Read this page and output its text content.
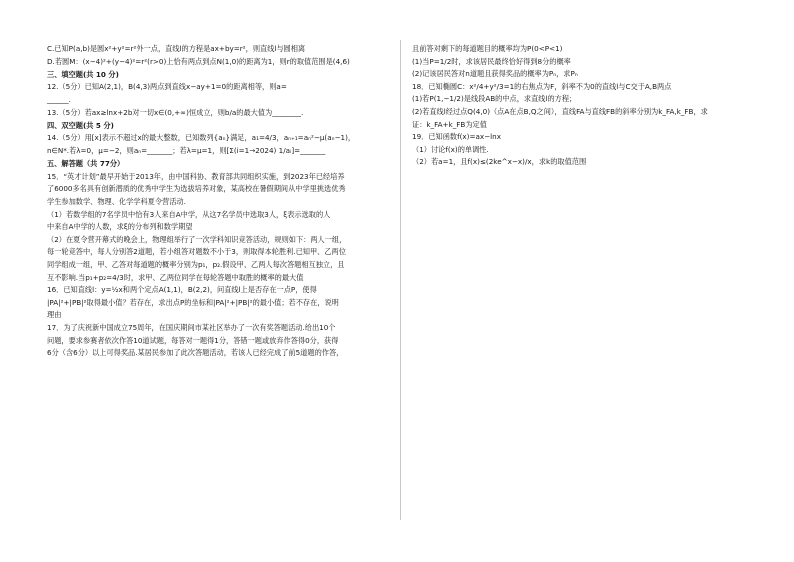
C.已知P(a,b)是圆x²+y²=r²外一点，直线l的方程是ax+by=r²，则直线l与圆相离

D.若圆M：(x−4)²+(y−4)²=r²(r>0)上恰有两点到点N(1,0)的距离为1，则r的取值范围是(4,6)

三、填空题(共 10 分)

12.（5分）已知A(2,1)，B(4,3)两点到直线x−ay+1=0的距离相等，则a=

______.

13.（5分）若ax≥lnx+2b对一切x∈(0,+∞)恒成立，则b/a的最大值为________.

四、双空题(共 5 分)

14.（5分）用[x]表示不超过x的最大整数，已知数列{aₙ}满足，a₁=4/3，aₙ₊₁=aₙ²−μ(aₙ−1)，

n∈N*.若λ=0，μ=−2，则aₙ=_______；若λ=μ=1，则[Σ(i=1→2024) 1/aᵢ]=_______

五、解答题（共 77分）

15．“英才计划”最早开始于2013年，由中国科协、教育部共同组织实施，到2023年已经培养

了6000多名具有创新潜质的优秀中学生为选拔培养对象，某高校在暑假期间从中学里挑选优秀

学生参加数学、物理、化学学科夏令营活动.

（1）若数学组的7名学员中恰有3人来自A中学，从这7名学员中选取3人，ξ表示选取的人

中来自A中学的人数，求ξ的分布列和数学期望

（2）在夏令营开幕式的晚会上，物理组举行了一次学科知识竞答活动，规则如下：两人一组，

每一轮竞答中，每人分别答2道题，若小组答对题数不小于3，则取得本轮胜利.已知甲、乙两位

同学组成一组，甲、乙答对每道题的概率分别为p₁，p₂.假设甲、乙两人每次答题相互独立，且

互不影响.当p₁+p₂=4/3时，求甲、乙两位同学在每轮答题中取胜的概率的最大值

16．已知直线l：y=½x和两个定点A(1,1)，B(2,2)，问直线l上是否存在一点P，使得

|PA|²+|PB|²取得最小值？若存在，求出点P的坐标和|PA|²+|PB|²的最小值；若不存在，说明

理由

17．为了庆祝新中国成立75周年，在国庆期间市某社区举办了一次有奖答题活动.给出10个

问题，要求参赛者依次作答10道试题，每答对一题得1分，答错一题或放弃作答得0分，获得

6分（含6分）以上可得奖品.某居民参加了此次答题活动，若该人已经完成了前5道题的作答，

且前答对剩下的每道题目的概率均为P(0<P<1)

(1)当P=1/2时，求该居民最终恰好得到8分的概率

(2)记该居民答对n道题且获得奖品的概率为Pₙ，求Pₙ

18．已知椭圆C：x²/4+y²/3=1的右焦点为F，斜率不为0的直线l与C交于A,B两点

(1)若P(1,−1/2)是线段AB的中点，求直线l的方程；

(2)若直线l经过点Q(4,0)（点A在点B,Q之间），直线FA与直线FB的斜率分别为k_FA,k_FB，求

证：k_FA+k_FB为定值

19．已知函数f(x)=ax−lnx

（1）讨论f(x)的单调性.

（2）若a=1，且f(x)≤(2ke^x−x)/x，求k的取值范围
